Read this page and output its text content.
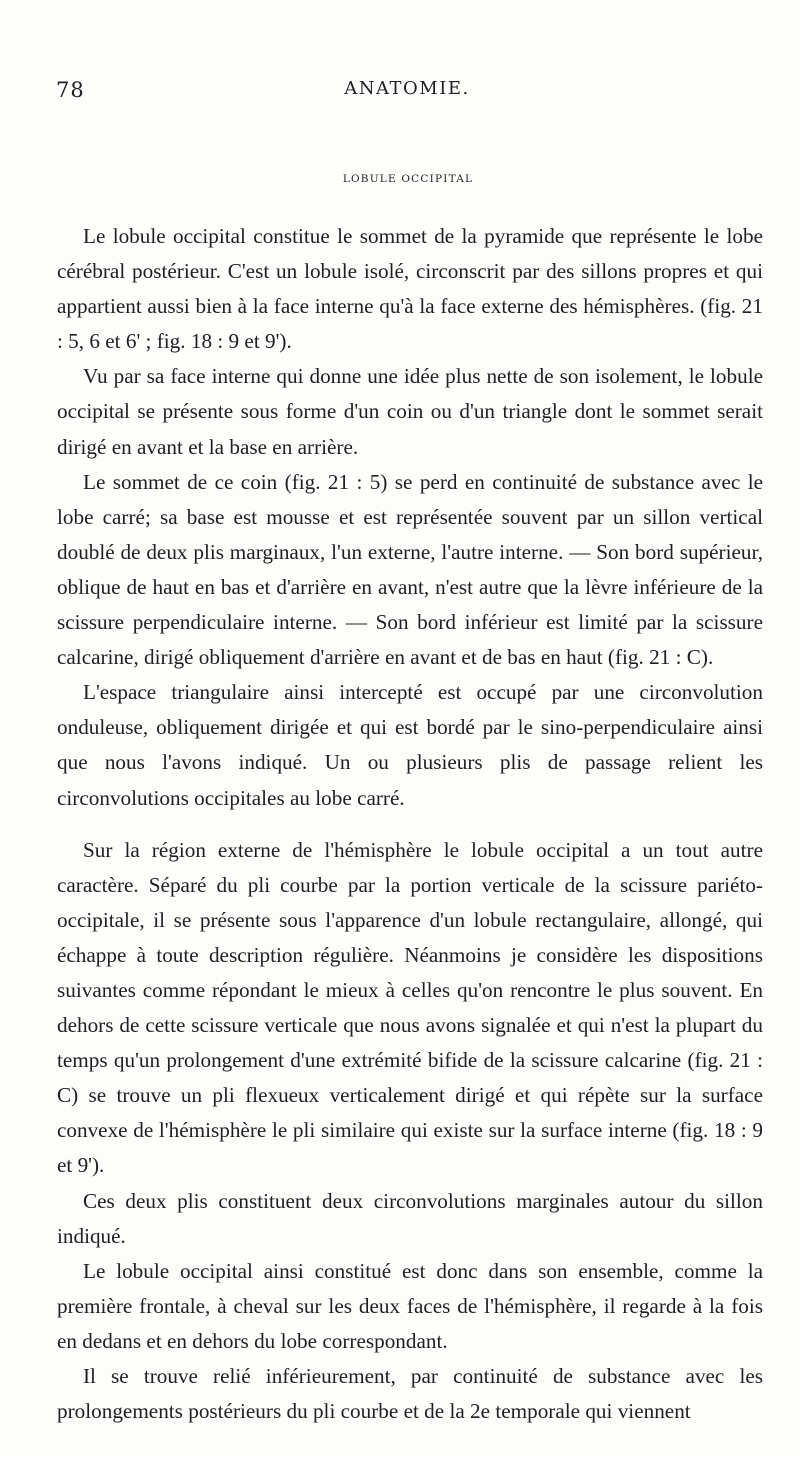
78	ANATOMIE.
LOBULE OCCIPITAL

Le lobule occipital constitue le sommet de la pyramide que représente le lobe cérébral postérieur. C'est un lobule isolé, circonscrit par des sillons propres et qui appartient aussi bien à la face interne qu'à la face externe des hémisphères. (fig. 21 : 5, 6 et 6' ; fig. 18 : 9 et 9').

Vu par sa face interne qui donne une idée plus nette de son isolement, le lobule occipital se présente sous forme d'un coin ou d'un triangle dont le sommet serait dirigé en avant et la base en arrière.

Le sommet de ce coin (fig. 21 : 5) se perd en continuité de substance avec le lobe carré; sa base est mousse et est représentée souvent par un sillon vertical doublé de deux plis marginaux, l'un externe, l'autre interne. — Son bord supérieur, oblique de haut en bas et d'arrière en avant, n'est autre que la lèvre inférieure de la scissure perpendiculaire interne. — Son bord inférieur est limité par la scissure calcarine, dirigé obliquement d'arrière en avant et de bas en haut (fig. 21 : C).

L'espace triangulaire ainsi intercepté est occupé par une circonvolution onduleuse, obliquement dirigée et qui est bordé par le sino-perpendiculaire ainsi que nous l'avons indiqué. Un ou plusieurs plis de passage relient les circonvolutions occipitales au lobe carré.

Sur la région externe de l'hémisphère le lobule occipital a un tout autre caractère. Séparé du pli courbe par la portion verticale de la scissure pariéto-occipitale, il se présente sous l'apparence d'un lobule rectangulaire, allongé, qui échappe à toute description régulière. Néanmoins je considère les dispositions suivantes comme répondant le mieux à celles qu'on rencontre le plus souvent. En dehors de cette scissure verticale que nous avons signalée et qui n'est la plupart du temps qu'un prolongement d'une extrémité bifide de la scissure calcarine (fig. 21 : C) se trouve un pli flexueux verticalement dirigé et qui répète sur la surface convexe de l'hémisphère le pli similaire qui existe sur la surface interne (fig. 18 : 9 et 9').

Ces deux plis constituent deux circonvolutions marginales autour du sillon indiqué.

Le lobule occipital ainsi constitué est donc dans son ensemble, comme la première frontale, à cheval sur les deux faces de l'hémisphère, il regarde à la fois en dedans et en dehors du lobe correspondant.

Il se trouve relié inférieurement, par continuité de substance avec les prolongements postérieurs du pli courbe et de la 2e temporale qui viennent
